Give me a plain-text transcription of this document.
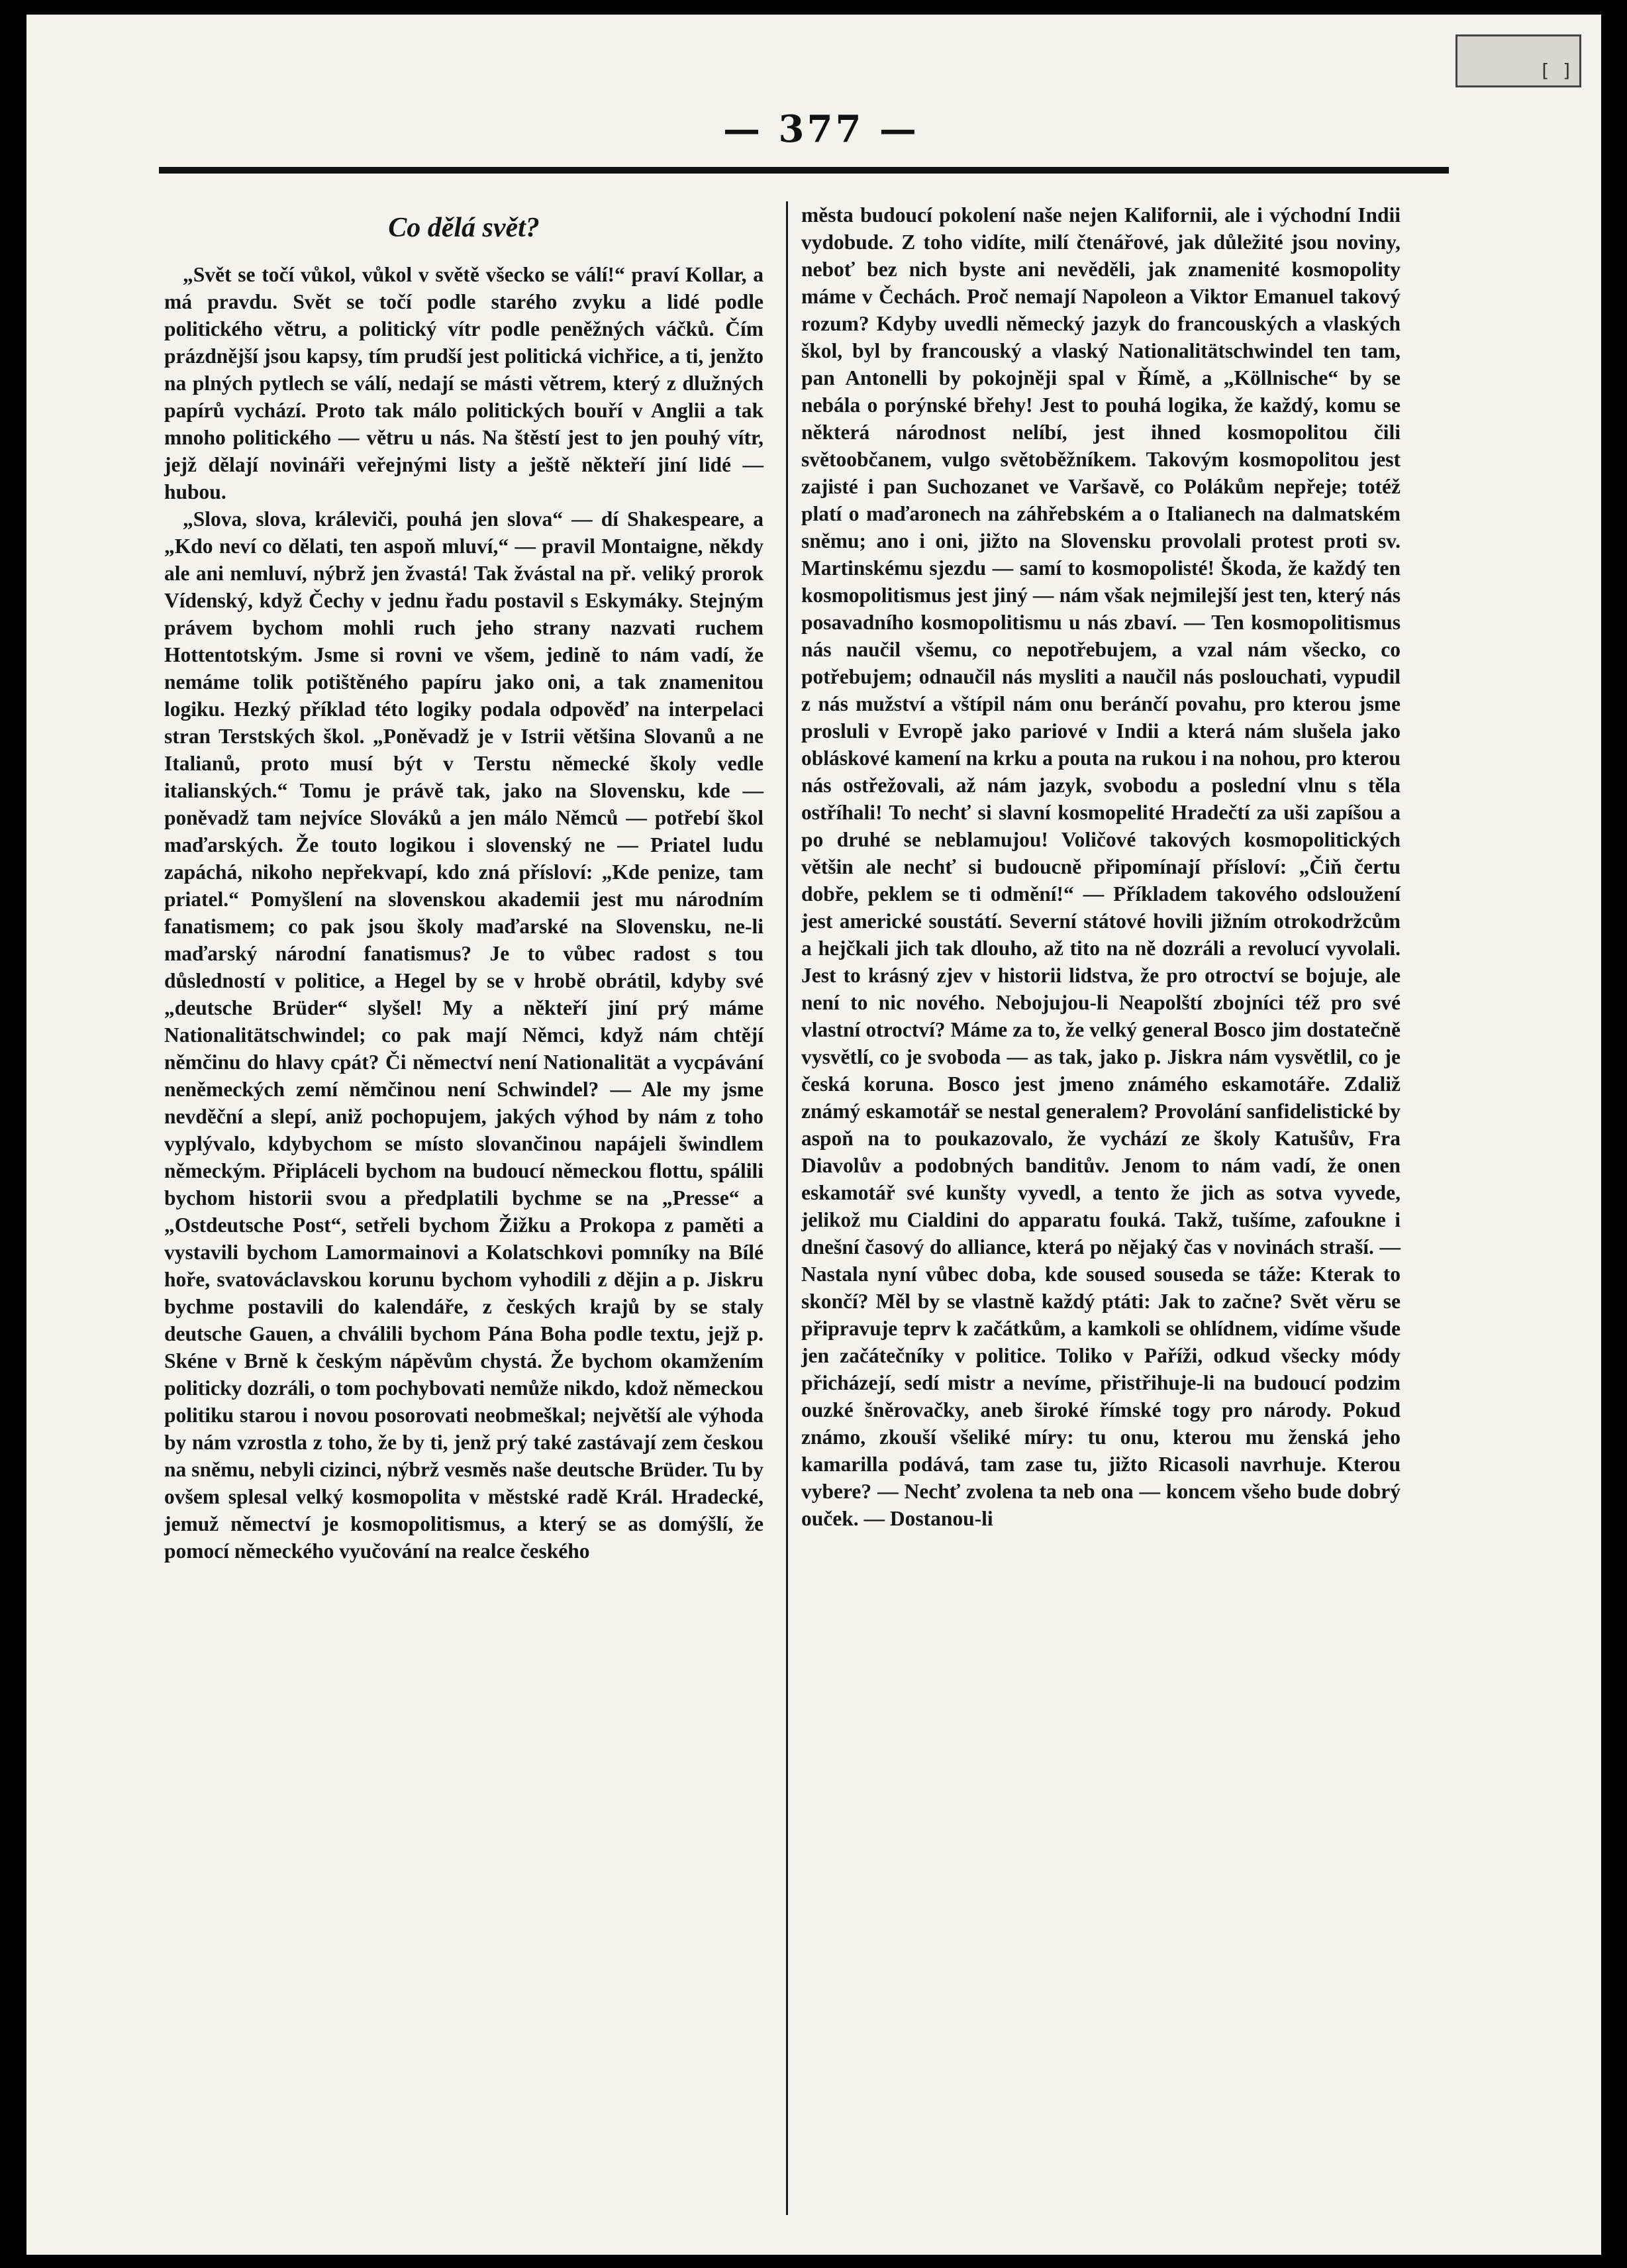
[ ]
— 377 —
Co dělá svět?

„Svět se točí vůkol, vůkol v světě všecko se válí!“ praví Kollar, a má pravdu. Svět se točí podle starého zvyku a lidé podle politického větru, a politický vítr podle peněžných váčků. Čím prázdnější jsou kapsy, tím prudší jest politická vichřice, a ti, jenžto na plných pytlech se válí, nedají se másti větrem, který z dlužných papírů vychází. Proto tak málo politických bouří v Anglii a tak mnoho politického — větru u nás. Na štěstí jest to jen pouhý vítr, jejž dělají novináři veřejnými listy a ještě někteří jiní lidé — hubou.

„Slova, slova, králeviči, pouhá jen slova“ — dí Shakespeare, a „Kdo neví co dělati, ten aspoň mluví,“ — pravil Montaigne, někdy ale ani nemluví, nýbrž jen žvastá! Tak žvástal na př. veliký prorok Vídenský, když Čechy v jednu řadu postavil s Eskymáky. Stejným právem bychom mohli ruch jeho strany nazvati ruchem Hottentotským. Jsme si rovni ve všem, jedině to nám vadí, že nemáme tolik potištěného papíru jako oni, a tak znamenitou logiku. Hezký příklad této logiky podala odpověď na interpelaci stran Terstských škol. „Poněvadž je v Istrii většina Slovanů a ne Italianů, proto musí být v Terstu německé školy vedle italianských.“ Tomu je právě tak, jako na Slovensku, kde — poněvadž tam nejvíce Slováků a jen málo Němců — potřebí škol maďarských. Že touto logikou i slovenský ne — Priatel ludu zapáchá, nikoho nepřekvapí, kdo zná přísloví: „Kde penize, tam priatel.“ Pomyšlení na slovenskou akademii jest mu národním fanatismem; co pak jsou školy maďarské na Slovensku, ne-li maďarský národní fanatismus? Je to vůbec radost s tou důsledností v politice, a Hegel by se v hrobě obrátil, kdyby své „deutsche Brüder“ slyšel! My a někteří jiní prý máme Nationalitätschwindel; co pak mají Němci, když nám chtějí němčinu do hlavy cpát? Či němectví není Nationalität a vycpávání neněmeckých zemí němčinou není Schwindel? — Ale my jsme nevděční a slepí, aniž pochopujem, jakých výhod by nám z toho vyplývalo, kdybychom se místo slovančinou napájeli šwindlem německým. Připláceli bychom na budoucí německou flottu, spálili bychom historii svou a předplatili bychme se na „Presse“ a „Ostdeutsche Post“, setřeli bychom Žižku a Prokopa z paměti a vystavili bychom Lamormainovi a Kolatschkovi pomníky na Bílé hoře, svatováclavskou korunu bychom vyhodili z dějin a p. Jiskru bychme postavili do kalendáře, z českých krajů by se staly deutsche Gauen, a chválili bychom Pána Boha podle textu, jejž p. Skéne v Brně k českým nápěvům chystá. Že bychom okamžením politicky dozráli, o tom pochybovati nemůže nikdo, kdož německou politiku starou i novou posorovati neobmeškal; největší ale výhoda by nám vzrostla z toho, že by ti, jenž prý také zastávají zem českou na sněmu, nebyli cizinci, nýbrž vesměs naše deutsche Brüder. Tu by ovšem splesal velký kosmopolita v městské radě Král. Hradecké, jemuž němectví je kosmopolitismus, a který se as domýšlí, že pomocí německého vyučování na realce českého

města budoucí pokolení naše nejen Kalifornii, ale i východní Indii vydobude. Z toho vidíte, milí čtenářové, jak důležité jsou noviny, neboť bez nich byste ani nevěděli, jak znamenité kosmopolity máme v Čechách. Proč nemají Napoleon a Viktor Emanuel takový rozum? Kdyby uvedli německý jazyk do francouských a vlaských škol, byl by francouský a vlaský Nationalitätschwindel ten tam, pan Antonelli by pokojněji spal v Římě, a „Köllnische“ by se nebála o porýnské břehy! Jest to pouhá logika, že každý, komu se některá národnost nelíbí, jest ihned kosmopolitou čili světoobčanem, vulgo světoběžníkem. Takovým kosmopolitou jest zajisté i pan Suchozanet ve Varšavě, co Polákům nepřeje; totéž platí o maďaronech na záhřebském a o Italianech na dalmatském sněmu; ano i oni, jižto na Slovensku provolali protest proti sv. Martinskému sjezdu — samí to kosmopolisté! Škoda, že každý ten kosmopolitismus jest jiný — nám však nejmilejší jest ten, který nás posavadního kosmopolitismu u nás zbaví. — Ten kosmopolitismus nás naučil všemu, co nepotřebujem, a vzal nám všecko, co potřebujem; odnaučil nás mysliti a naučil nás poslouchati, vypudil z nás mužství a vštípil nám onu beránčí povahu, pro kterou jsme prosluli v Evropě jako pariové v Indii a která nám slušela jako obláskové kamení na krku a pouta na rukou i na nohou, pro kterou nás ostřežovali, až nám jazyk, svobodu a poslední vlnu s těla ostříhali! To nechť si slavní kosmopelité Hradečtí za uši zapíšou a po druhé se neblamujou! Voličové takových kosmopolitických většin ale nechť si budoucně připomínají přísloví: „Čiň čertu dobře, peklem se ti odmění!“ — Příkladem takového odsloužení jest americké soustátí. Severní státové hovili jižním otrokodržcům a hejčkali jich tak dlouho, až tito na ně dozráli a revolucí vyvolali. Jest to krásný zjev v historii lidstva, že pro otroctví se bojuje, ale není to nic nového. Nebojujou-li Neapolští zbojníci též pro své vlastní otroctví? Máme za to, že velký general Bosco jim dostatečně vysvětlí, co je svoboda — as tak, jako p. Jiskra nám vysvětlil, co je česká koruna. Bosco jest jmeno známého eskamotáře. Zdaliž známý eskamotář se nestal generalem? Provolání sanfidelistické by aspoň na to poukazovalo, že vychází ze školy Katušův, Fra Diavolův a podobných banditův. Jenom to nám vadí, že onen eskamotář své kunšty vyvedl, a tento že jich as sotva vyvede, jelikož mu Cialdini do apparatu fouká. Takž, tušíme, zafoukne i dnešní časový do alliance, která po nějaký čas v novinách straší. — Nastala nyní vůbec doba, kde soused souseda se táže: Kterak to skončí? Měl by se vlastně každý ptáti: Jak to začne? Svět věru se připravuje teprv k začátkům, a kamkoli se ohlídnem, vidíme všude jen začátečníky v politice. Toliko v Paříži, odkud všecky módy přicházejí, sedí mistr a nevíme, přistřihuje-li na budoucí podzim ouzké šněrovačky, aneb široké římské togy pro národy. Pokud známo, zkouší všeliké míry: tu onu, kterou mu ženská jeho kamarilla podává, tam zase tu, jižto Ricasoli navrhuje. Kterou vybere? — Nechť zvolena ta neb ona — koncem všeho bude dobrý ouček. — Dostanou-li
